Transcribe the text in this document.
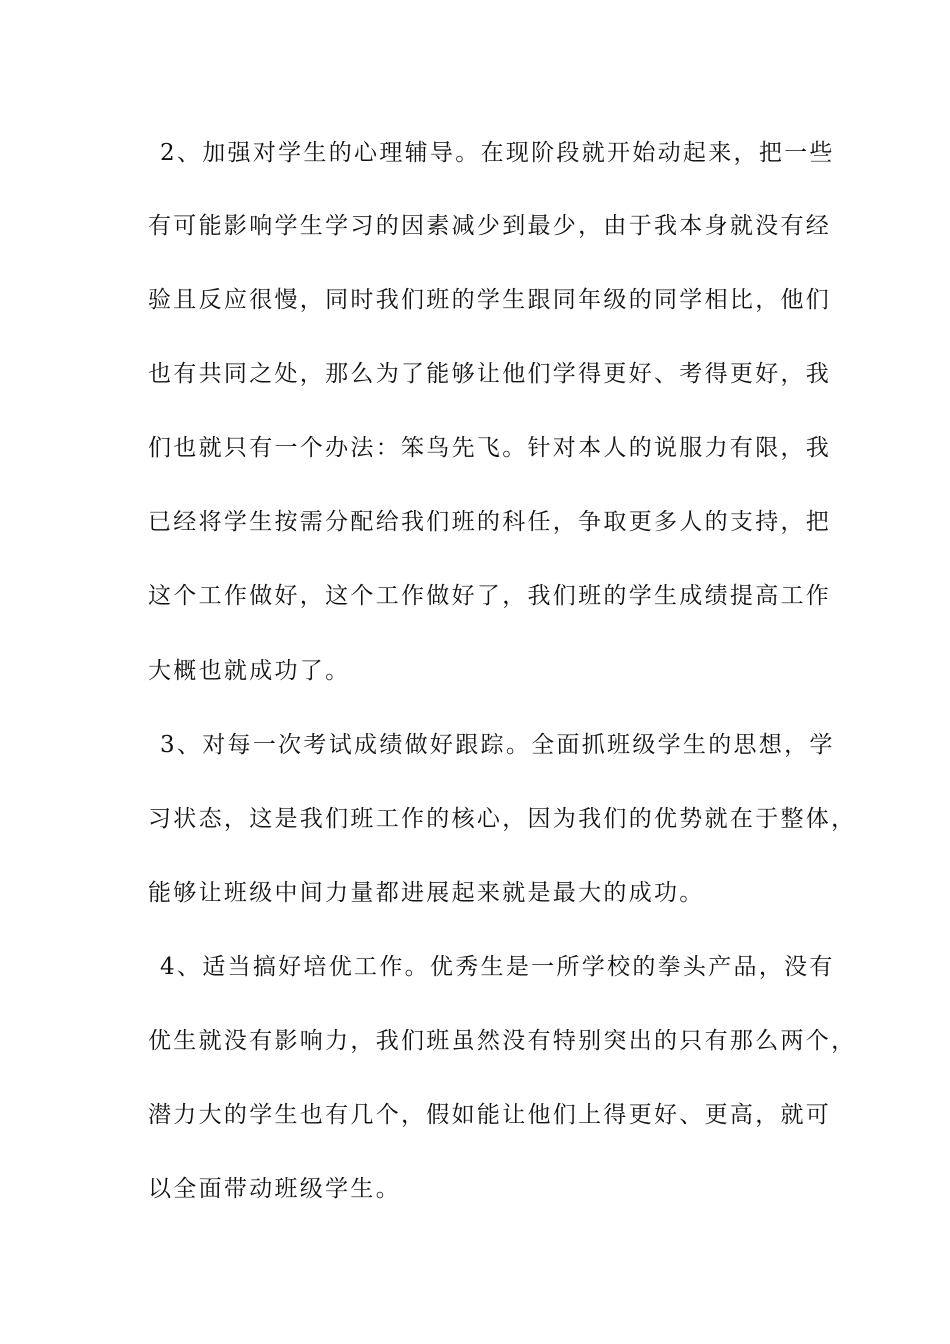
2、加强对学生的心理辅导。在现阶段就开始动起来，把一些
有可能影响学生学习的因素减少到最少，由于我本身就没有经
验且反应很慢，同时我们班的学生跟同年级的同学相比，他们
也有共同之处，那么为了能够让他们学得更好、考得更好，我
们也就只有一个办法：笨鸟先飞。针对本人的说服力有限，我
已经将学生按需分配给我们班的科任，争取更多人的支持，把
这个工作做好，这个工作做好了，我们班的学生成绩提高工作
大概也就成功了。
3、对每一次考试成绩做好跟踪。全面抓班级学生的思想，学
习状态，这是我们班工作的核心，因为我们的优势就在于整体，
能够让班级中间力量都进展起来就是最大的成功。
4、适当搞好培优工作。优秀生是一所学校的拳头产品，没有
优生就没有影响力，我们班虽然没有特别突出的只有那么两个，
潜力大的学生也有几个，假如能让他们上得更好、更高，就可
以全面带动班级学生。
